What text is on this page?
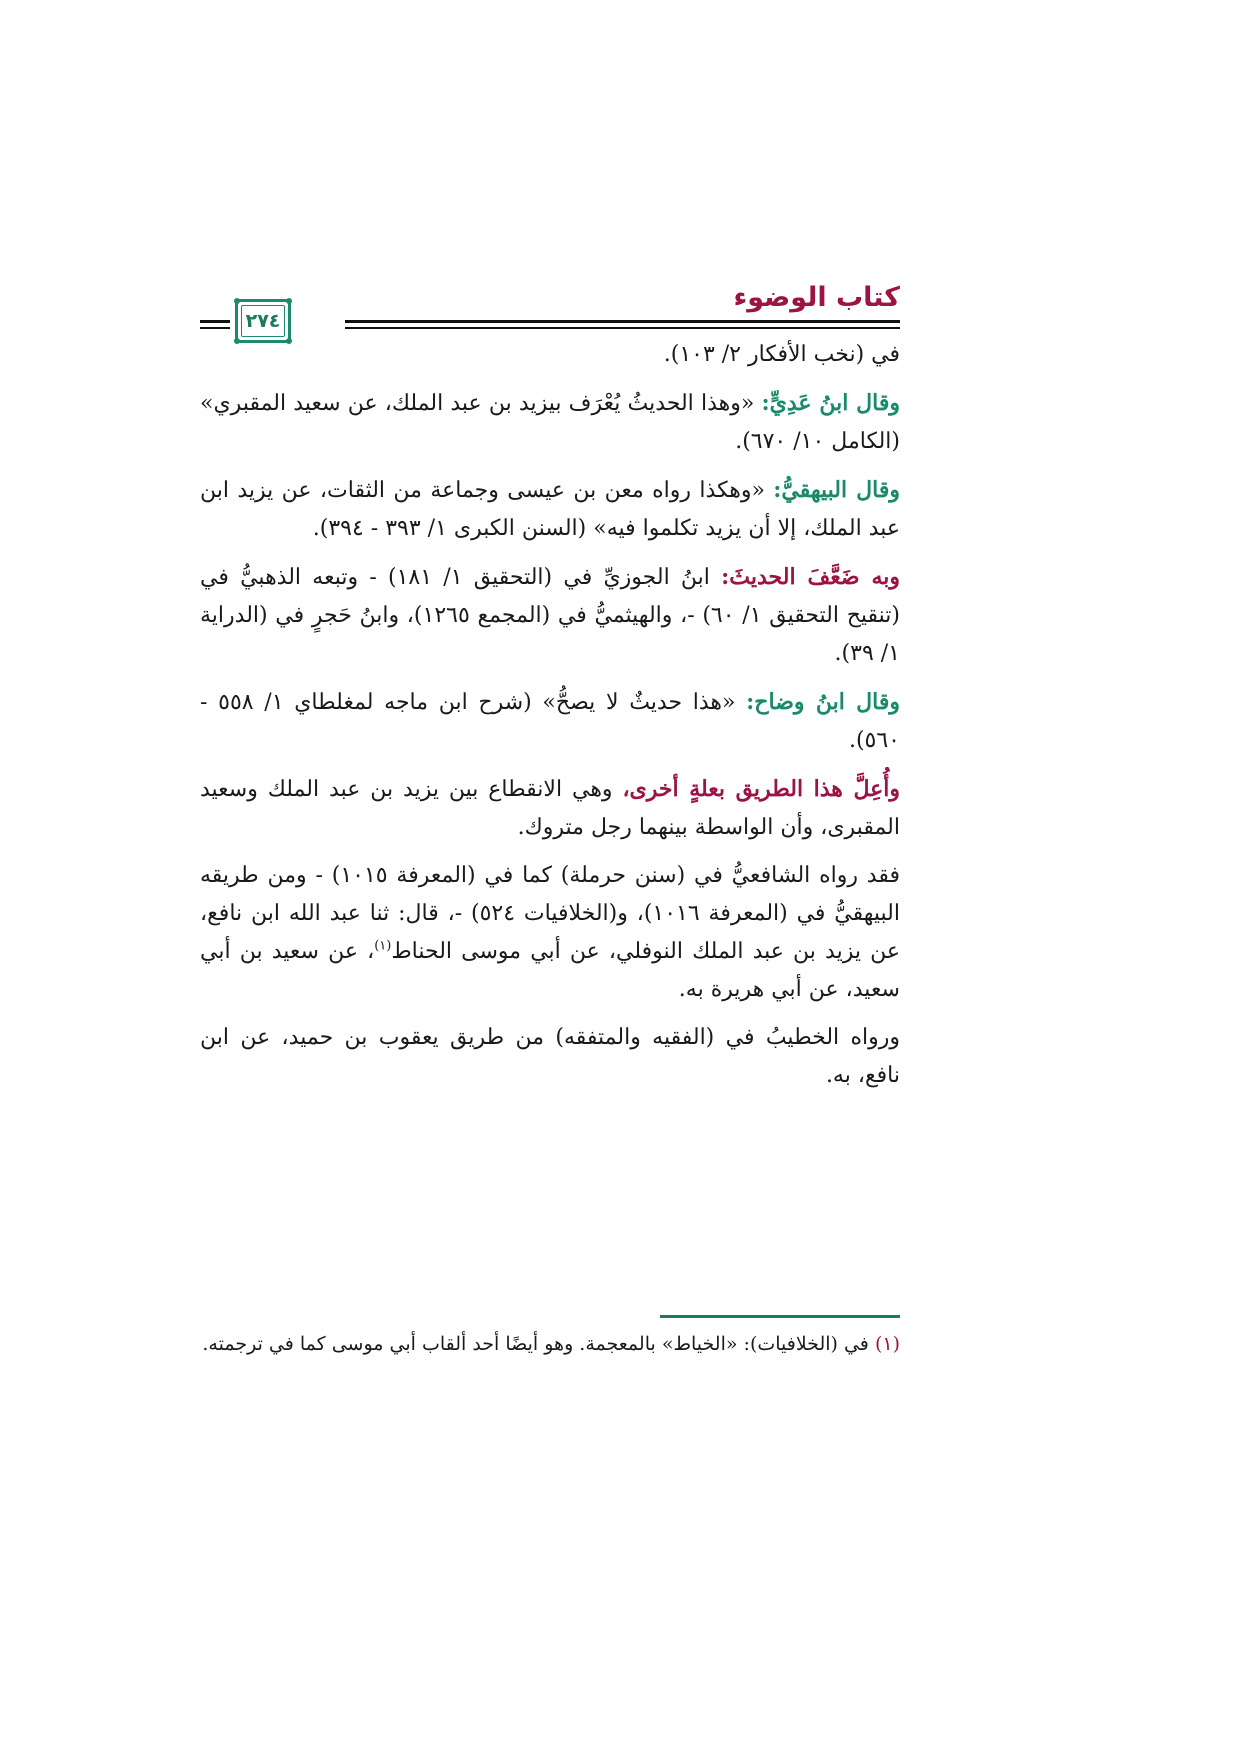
كتاب الوضوء
٢٧٤

في (نخب الأفكار ٢/ ١٠٣).

وقال ابنُ عَدِيٍّ: «وهذا الحديثُ يُعْرَف بيزيد بن عبد الملك، عن سعيد المقبري» (الكامل ١٠/ ٦٧٠).

وقال البيهقيُّ: «وهكذا رواه معن بن عيسى وجماعة من الثقات، عن يزيد ابن عبد الملك، إلا أن يزيد تكلموا فيه» (السنن الكبرى ١/ ٣٩٣ - ٣٩٤).

وبه ضَعَّفَ الحديثَ: ابنُ الجوزيِّ في (التحقيق ١/ ١٨١) - وتبعه الذهبيُّ في (تنقيح التحقيق ١/ ٦٠) -، والهيثميُّ في (المجمع ١٢٦٥)، وابنُ حَجرٍ في (الدراية ١/ ٣٩).

وقال ابنُ وضاح: «هذا حديثٌ لا يصحُّ» (شرح ابن ماجه لمغلطاي ١/ ٥٥٨ - ٥٦٠).

وأُعِلَّ هذا الطريق بعلةٍ أخرى، وهي الانقطاع بين يزيد بن عبد الملك وسعيد المقبرى، وأن الواسطة بينهما رجل متروك.

فقد رواه الشافعيُّ في (سنن حرملة) كما في (المعرفة ١٠١٥) - ومن طريقه البيهقيُّ في (المعرفة ١٠١٦)، و(الخلافيات ٥٢٤) -، قال: ثنا عبد الله ابن نافع، عن يزيد بن عبد الملك النوفلي، عن أبي موسى الحناط$^{(١)}$، عن سعيد بن أبي سعيد، عن أبي هريرة به.

ورواه الخطيبُ في (الفقيه والمتفقه) من طريق يعقوب بن حميد، عن ابن نافع، به.

(١) في (الخلافيات): «الخياط» بالمعجمة. وهو أيضًا أحد ألقاب أبي موسى كما في ترجمته.
